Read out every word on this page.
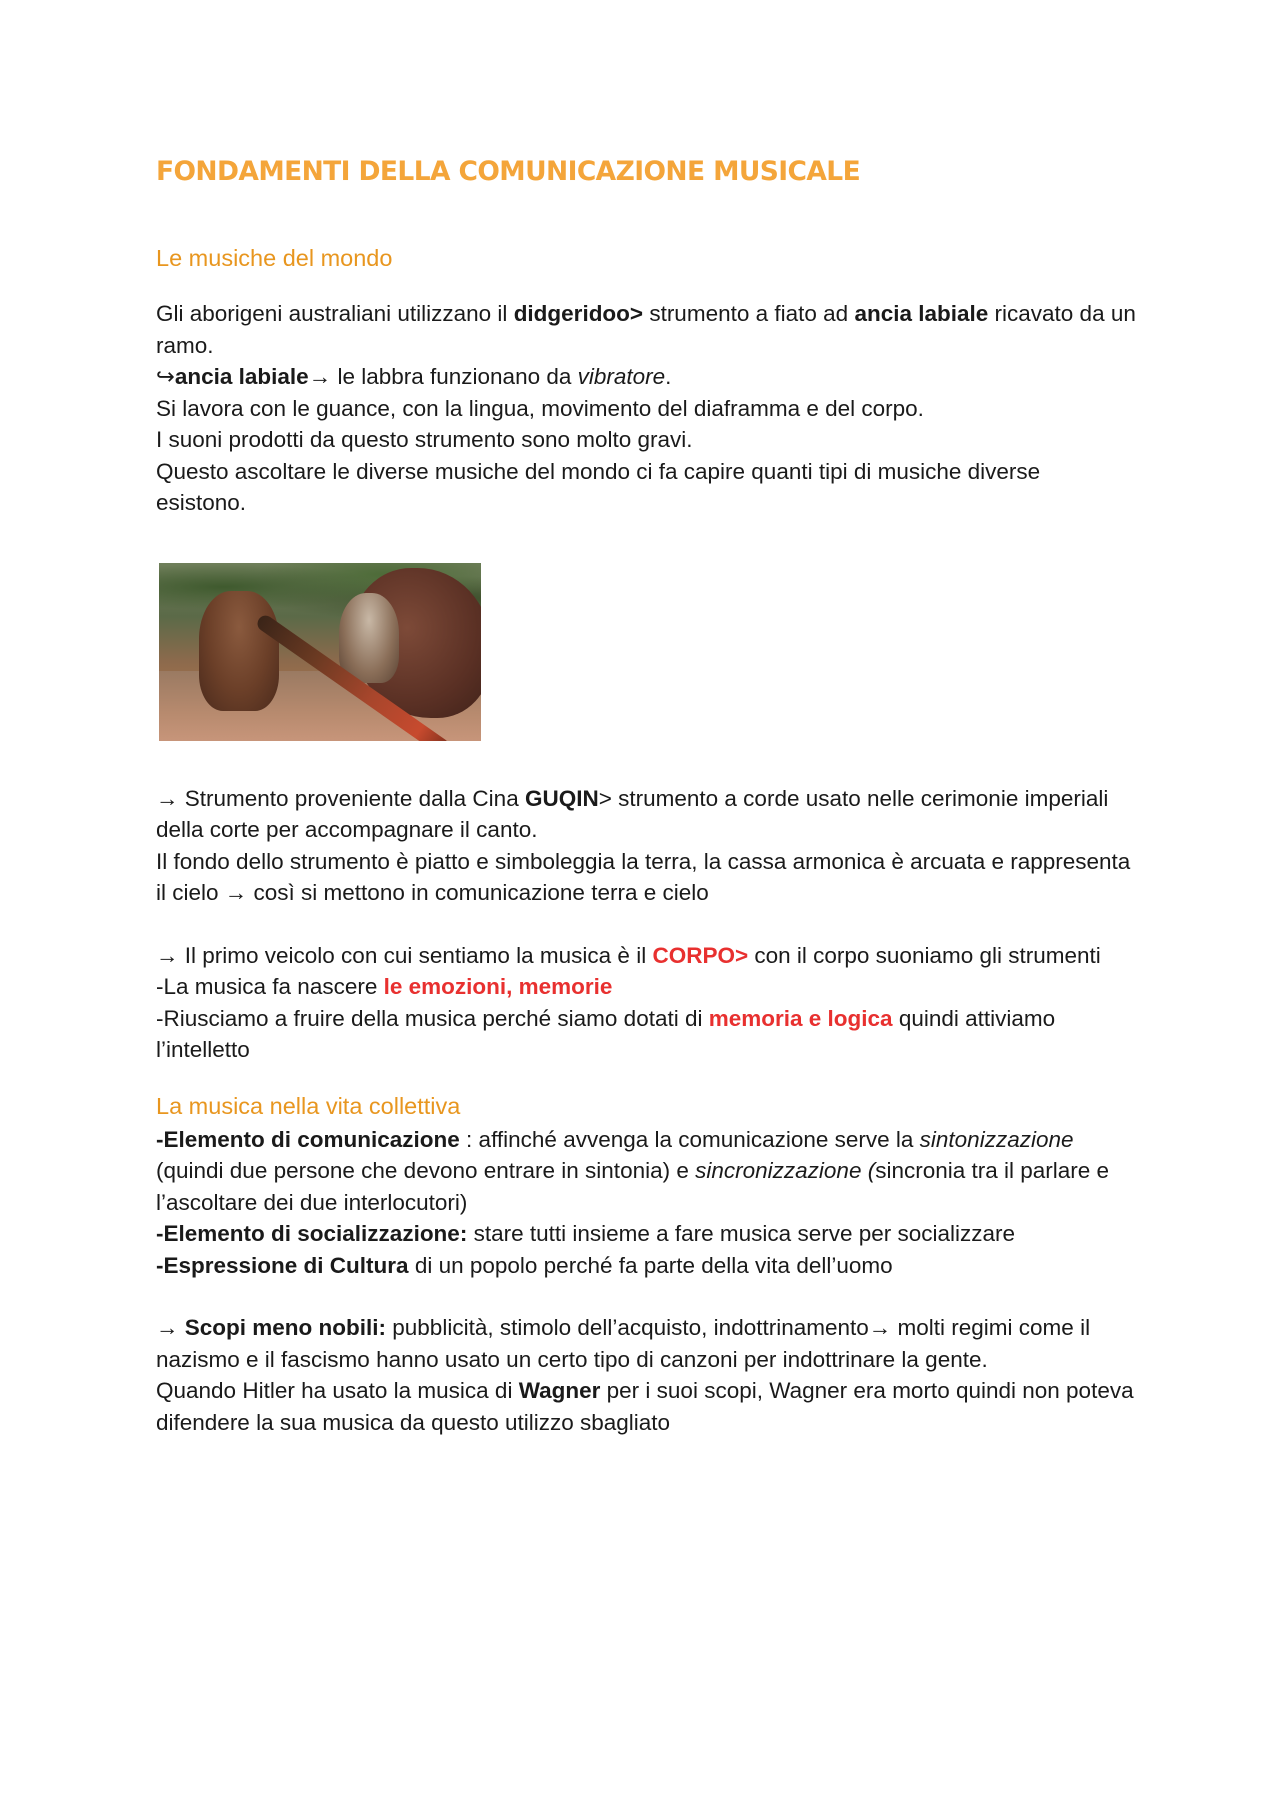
FONDAMENTI DELLA COMUNICAZIONE MUSICALE
Le musiche del mondo

Gli aborigeni australiani utilizzano il didgeridoo> strumento a fiato ad ancia labiale ricavato da un ramo.

↪ancia labiale→ le labbra funzionano da vibratore.

Si lavora con le guance, con la lingua, movimento del diaframma e del corpo.

I suoni prodotti da questo strumento sono molto gravi.

Questo ascoltare le diverse musiche del mondo ci fa capire quanti tipi di musiche diverse esistono.

→ Strumento proveniente dalla Cina GUQIN> strumento a corde usato nelle cerimonie imperiali della corte per accompagnare il canto.

Il fondo dello strumento è piatto e simboleggia la terra, la cassa armonica è arcuata e rappresenta il cielo → così si mettono in comunicazione terra e cielo

→ Il primo veicolo con cui sentiamo la musica è il CORPO> con il corpo suoniamo gli strumenti

-La musica fa nascere le emozioni, memorie

-Riusciamo a fruire della musica perché siamo dotati di memoria e logica quindi attiviamo l’intelletto

La musica nella vita collettiva

-Elemento di comunicazione : affinché avvenga la comunicazione serve la sintonizzazione (quindi due persone che devono entrare in sintonia) e sincronizzazione (sincronia tra il parlare e l’ascoltare dei due interlocutori)

-Elemento di socializzazione: stare tutti insieme a fare musica serve per socializzare

-Espressione di Cultura di un popolo perché fa parte della vita dell’uomo

→ Scopi meno nobili: pubblicità, stimolo dell’acquisto, indottrinamento→ molti regimi come il nazismo e il fascismo hanno usato un certo tipo di canzoni per indottrinare la gente.

Quando Hitler ha usato la musica di Wagner per i suoi scopi, Wagner era morto quindi non poteva difendere la sua musica da questo utilizzo sbagliato
